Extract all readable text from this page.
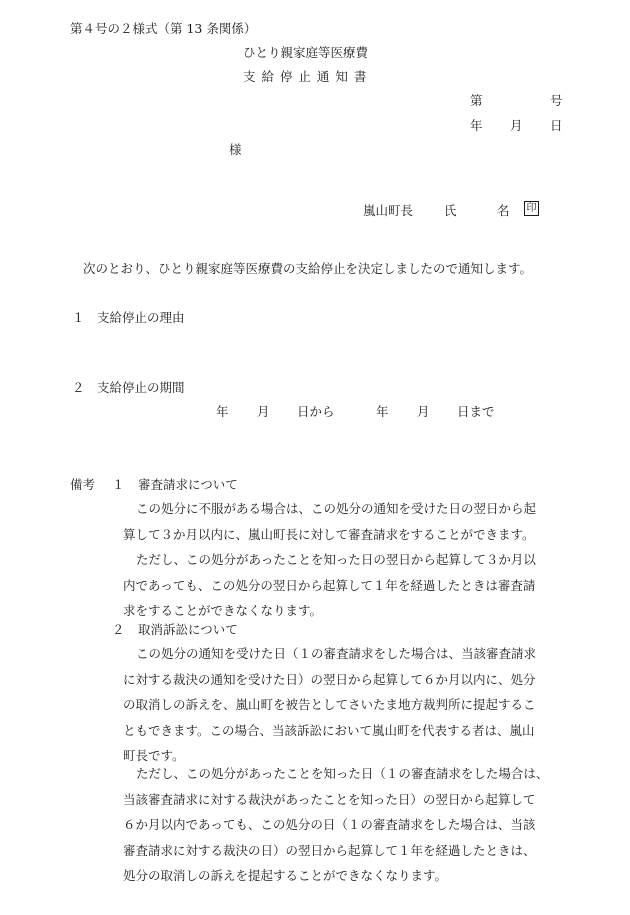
第４号の２様式（第 13 条関係）
ひとり親家庭等医療費
支 給 停 止 通 知 書
第	号
年 月 日
様
嵐山町長 氏	名 印
次のとおり、ひとり親家庭等医療費の支給停止を決定しましたので通知します。
１ 支給停止の理由
２ 支給停止の期間
年 月 日から	年 月 日まで
備考 １ 審査請求について
この処分に不服がある場合は、この処分の通知を受けた日の翌日から起
算して３か月以内に、嵐山町長に対して審査請求をすることができます。
ただし、この処分があったことを知った日の翌日から起算して３か月以
内であっても、この処分の翌日から起算して１年を経過したときは審査請
求をすることができなくなります。
２ 取消訴訟について
この処分の通知を受けた日（１の審査請求をした場合は、当該審査請求
に対する裁決の通知を受けた日）の翌日から起算して６か月以内に、処分
の取消しの訴えを、嵐山町を被告としてさいたま地方裁判所に提起するこ
ともできます。この場合、当該訴訟において嵐山町を代表する者は、嵐山
町長です。
ただし、この処分があったことを知った日（１の審査請求をした場合は、
当該審査請求に対する裁決があったことを知った日）の翌日から起算して
６か月以内であっても、この処分の日（１の審査請求をした場合は、当該
審査請求に対する裁決の日）の翌日から起算して１年を経過したときは、
処分の取消しの訴えを提起することができなくなります。
